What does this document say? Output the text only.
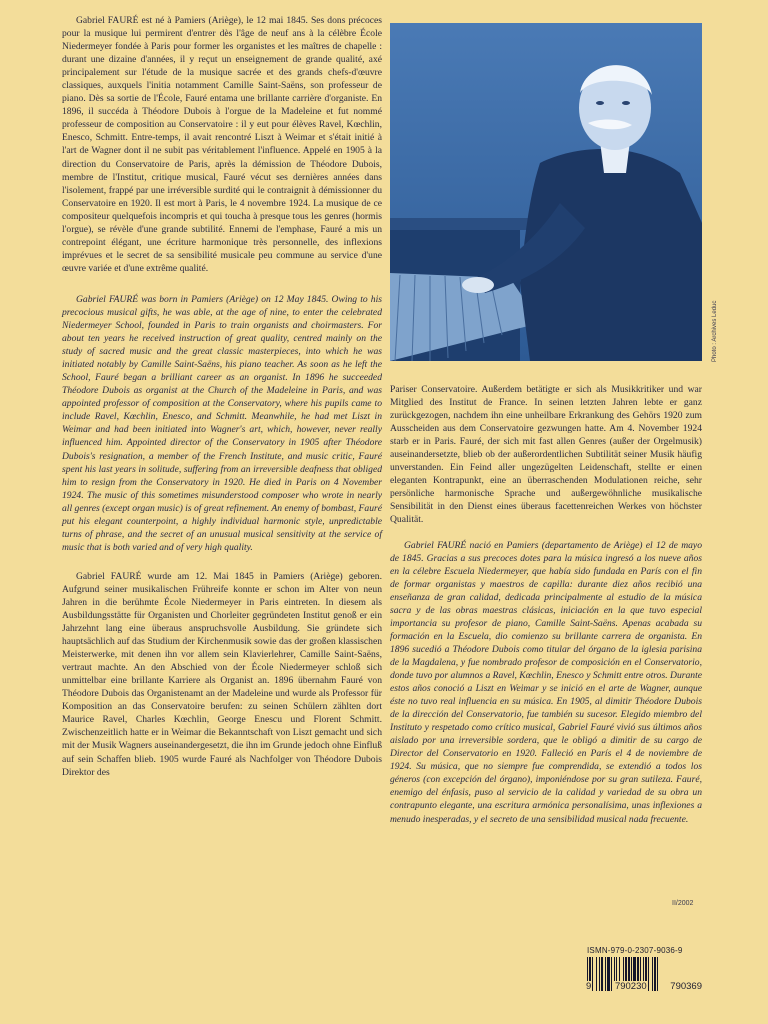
Gabriel FAURÉ est né à Pamiers (Ariège), le 12 mai 1845. Ses dons précoces pour la musique lui permirent d'entrer dès l'âge de neuf ans à la célèbre École Niedermeyer fondée à Paris pour former les organistes et les maîtres de chapelle : durant une dizaine d'années, il y reçut un enseignement de grande qualité, axé principalement sur l'étude de la musique sacrée et des grands chefs-d'œuvre classiques, auxquels l'initia notamment Camille Saint-Saëns, son professeur de piano. Dès sa sortie de l'École, Fauré entama une brillante carrière d'organiste. En 1896, il succéda à Théodore Dubois à l'orgue de la Madeleine et fut nommé professeur de composition au Conservatoire : il y eut pour élèves Ravel, Kœchlin, Enesco, Schmitt. Entre-temps, il avait rencontré Liszt à Weimar et s'était initié à l'art de Wagner dont il ne subit pas véritablement l'influence. Appelé en 1905 à la direction du Conservatoire de Paris, après la démission de Théodore Dubois, membre de l'Institut, critique musical, Fauré vécut ses dernières années dans l'isolement, frappé par une irréversible surdité qui le contraignit à démissionner du Conservatoire en 1920. Il est mort à Paris, le 4 novembre 1924. La musique de ce compositeur quelquefois incompris et qui toucha à presque tous les genres (hormis l'orgue), se révèle d'une grande subtilité. Ennemi de l'emphase, Fauré a mis un contrepoint élégant, une écriture harmonique très personnelle, des inflexions imprévues et le secret de sa sensibilité musicale peu commune au service d'une œuvre variée et d'une extrême qualité.

Gabriel FAURÉ was born in Pamiers (Ariège) on 12 May 1845. Owing to his precocious musical gifts, he was able, at the age of nine, to enter the celebrated Niedermeyer School, founded in Paris to train organists and choirmasters. For about ten years he received instruction of great quality, centred mainly on the study of sacred music and the great classic masterpieces, into which he was initiated notably by Camille Saint-Saëns, his piano teacher. As soon as he left the School, Fauré began a brilliant career as an organist. In 1896 he succeeded Théodore Dubois as organist at the Church of the Madeleine in Paris, and was appointed professor of composition at the Conservatory, where his pupils came to include Ravel, Kœchlin, Enesco, and Schmitt. Meanwhile, he had met Liszt in Weimar and had been initiated into Wagner's art, which, however, never really influenced him. Appointed director of the Conservatory in 1905 after Théodore Dubois's resignation, a member of the French Institute, and music critic, Fauré spent his last years in solitude, suffering from an irreversible deafness that obliged him to resign from the Conservatory in 1920. He died in Paris on 4 November 1924. The music of this sometimes misunderstood composer who wrote in nearly all genres (except organ music) is of great refinement. An enemy of bombast, Fauré put his elegant counterpoint, a highly individual harmonic style, unpredictable turns of phrase, and the secret of an unusual musical sensitivity at the service of music that is both varied and of very high quality.

Gabriel FAURÉ wurde am 12. Mai 1845 in Pamiers (Ariège) geboren. Aufgrund seiner musikalischen Frühreife konnte er schon im Alter von neun Jahren in die berühmte École Niedermeyer in Paris eintreten. In diesem als Ausbildungsstätte für Organisten und Chorleiter gegründeten Institut genoß er ein Jahrzehnt lang eine überaus anspruchsvolle Ausbildung. Sie gründete sich hauptsächlich auf das Studium der Kirchenmusik sowie das der großen klassischen Meisterwerke, mit denen ihn vor allem sein Klavierlehrer, Camille Saint-Saëns, vertraut machte. An den Abschied von der École Niedermeyer schloß sich unmittelbar eine brillante Karriere als Organist an. 1896 übernahm Fauré von Théodore Dubois das Organistenamt an der Madeleine und wurde als Professor für Komposition an das Conservatoire berufen: zu seinen Schülern zählten dort Maurice Ravel, Charles Kœchlin, George Enescu und Florent Schmitt. Zwischenzeitlich hatte er in Weimar die Bekanntschaft von Liszt gemacht und sich mit der Musik Wagners auseinandergesetzt, die ihn im Grunde jedoch ohne Einfluß auf sein Schaffen blieb. 1905 wurde Fauré als Nachfolger von Théodore Dubois Direktor des

Photo : Archives Leduc

Pariser Conservatoire. Außerdem betätigte er sich als Musikkritiker und war Mitglied des Institut de France. In seinen letzten Jahren lebte er ganz zurückgezogen, nachdem ihn eine unheilbare Erkrankung des Gehörs 1920 zum Ausscheiden aus dem Conservatoire gezwungen hatte. Am 4. November 1924 starb er in Paris. Fauré, der sich mit fast allen Genres (außer der Orgelmusik) auseinandersetzte, blieb ob der außerordentlichen Subtilität seiner Musik häufig unverstanden. Ein Feind aller ungezügelten Leidenschaft, stellte er einen eleganten Kontrapunkt, eine an überraschenden Modulationen reiche, sehr persönliche harmonische Sprache und außergewöhnliche musikalische Sensibilität in den Dienst eines überaus facettenreichen Werkes von höchster Qualität.

Gabriel FAURÉ nació en Pamiers (departamento de Ariège) el 12 de mayo de 1845. Gracias a sus precoces dotes para la música ingresó a los nueve años en la célebre Escuela Niedermeyer, que había sido fundada en París con el fin de formar organistas y maestros de capilla: durante diez años recibió una enseñanza de gran calidad, dedicada principalmente al estudio de la música sacra y de las obras maestras clásicas, iniciación en la que tuvo especial importancia su profesor de piano, Camille Saint-Saëns. Apenas acabada su formación en la Escuela, dio comienzo su brillante carrera de organista. En 1896 sucedió a Théodore Dubois como titular del órgano de la iglesia parisina de la Magdalena, y fue nombrado profesor de composición en el Conservatorio, donde tuvo por alumnos a Ravel, Kœchlin, Enesco y Schmitt entre otros. Durante estos años conoció a Liszt en Weimar y se inició en el arte de Wagner, aunque éste no tuvo real influencia en su música. En 1905, al dimitir Théodore Dubois de la dirección del Conservatorio, fue también su sucesor. Elegido miembro del Instituto y respetado como crítico musical, Gabriel Fauré vivió sus últimos años aislado por una irreversible sordera, que le obligó a dimitir de su cargo de Director del Conservatorio en 1920. Falleció en París el 4 de noviembre de 1924. Su música, que no siempre fue comprendida, se extendió a todos los géneros (con excepción del órgano), imponiéndose por su gran sutileza. Fauré, enemigo del énfasis, puso al servicio de la calidad y variedad de su obra un contrapunto elegante, una escritura armónica personalísima, unas inflexiones a menudo inesperadas, y el secreto de una sensibilidad musical nada frecuente.

II/2002
ISMN-979-0-2307-9036-9
9 790230 790369
